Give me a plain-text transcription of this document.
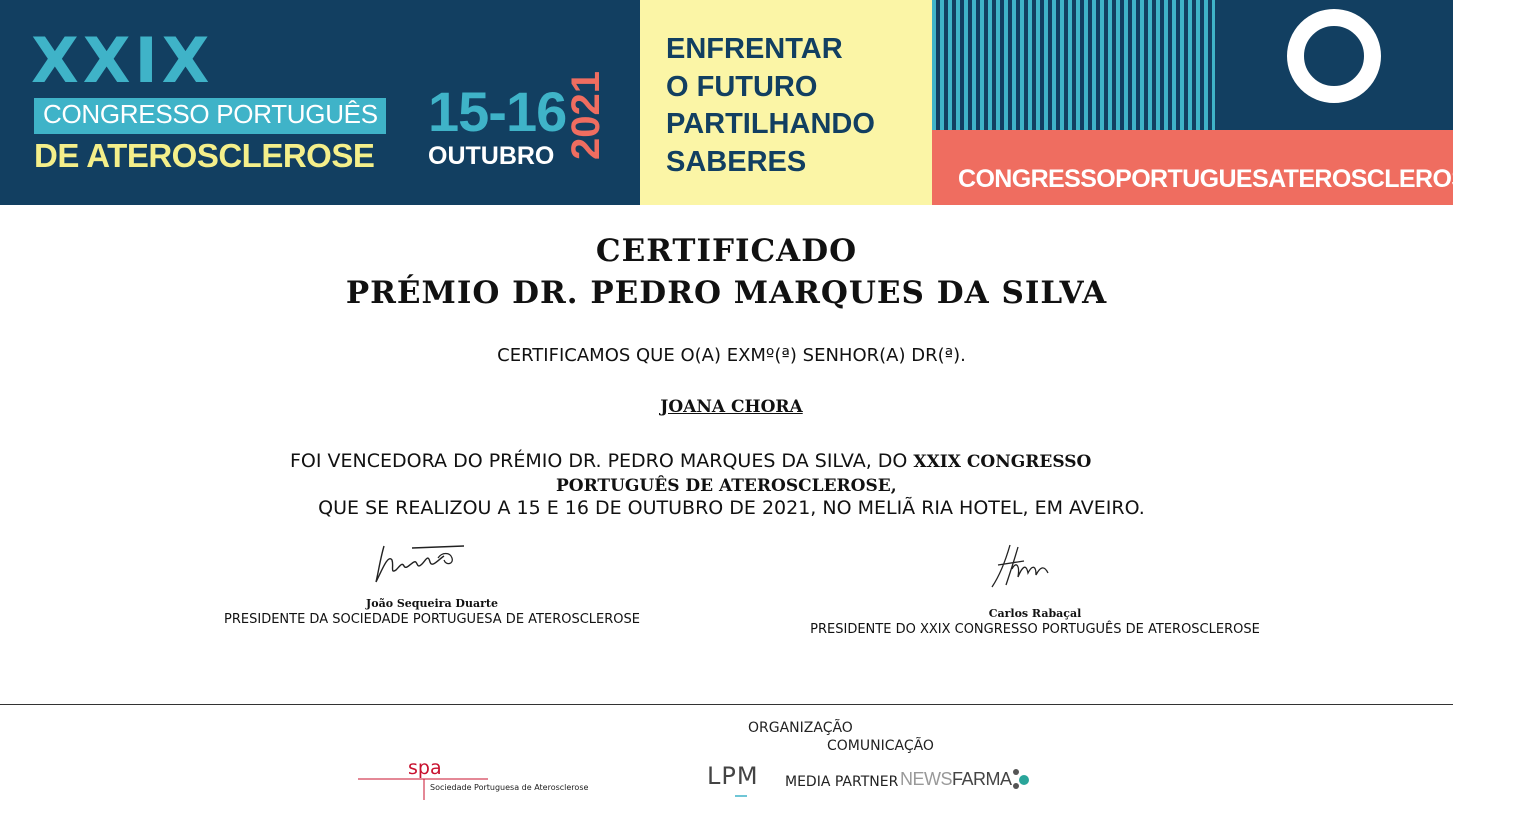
XXIX
CONGRESSO PORTUGUÊS
DE ATEROSCLEROSE
15-16
OUTUBRO 2021
ENFRENTAR
O FUTURO
PARTILHANDO
SABERES
CONGRESSOPORTUGUESATEROSCLEROSE.PT
CERTIFICADO
PRÉMIO DR. PEDRO MARQUES DA SILVA
CERTIFICAMOS QUE O(A) EXMº(ª) SENHOR(A) DR(ª).
JOANA CHORA
FOI VENCEDORA DO PRÉMIO DR. PEDRO MARQUES DA SILVA, DO XXIX CONGRESSO
PORTUGUÊS DE ATEROSCLEROSE,
QUE SE REALIZOU A 15 E 16 DE OUTUBRO DE 2021, NO MELIÃ RIA HOTEL, EM AVEIRO.
João Sequeira Duarte
PRESIDENTE DA SOCIEDADE PORTUGUESA DE ATEROSCLEROSE	Carlos Rabaçal
PRESIDENTE DO XXIX CONGRESSO PORTUGUÊS DE ATEROSCLEROSE
ORGANIZAÇÃO
COMUNICAÇÃO
spa
Sociedade Portuguesa de Aterosclerose	LPM MEDIA PARTNER NEWSFARMA
